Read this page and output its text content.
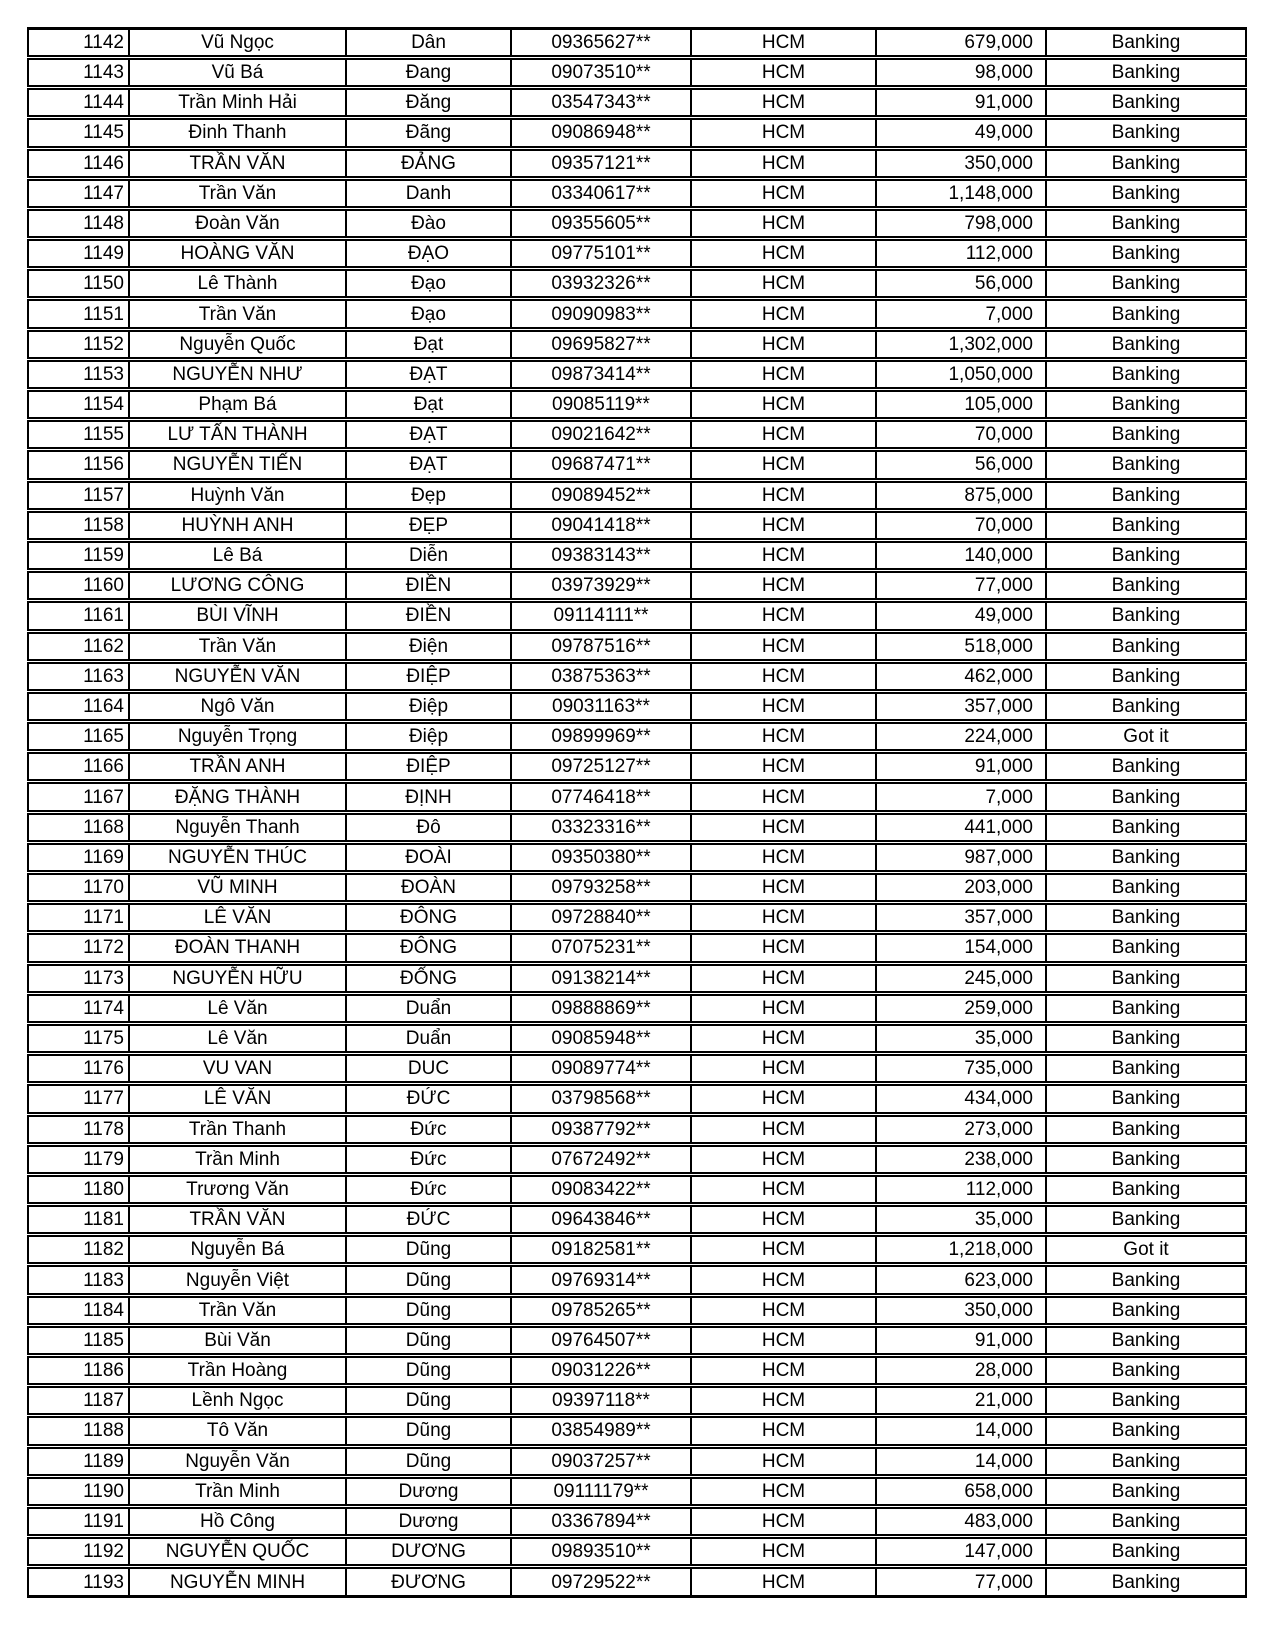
1142	Vũ Ngọc	Dân	09365627**	HCM	679,000	Banking
1143	Vũ Bá	Đang	09073510**	HCM	98,000	Banking
1144	Trần Minh Hải	Đăng	03547343**	HCM	91,000	Banking
1145	Đinh Thanh	Đãng	09086948**	HCM	49,000	Banking
1146	TRẦN VĂN	ĐẢNG	09357121**	HCM	350,000	Banking
1147	Trần Văn	Danh	03340617**	HCM	1,148,000	Banking
1148	Đoàn Văn	Đào	09355605**	HCM	798,000	Banking
1149	HOÀNG VĂN	ĐẠO	09775101**	HCM	112,000	Banking
1150	Lê Thành	Đạo	03932326**	HCM	56,000	Banking
1151	Trần Văn	Đạo	09090983**	HCM	7,000	Banking
1152	Nguyễn Quốc	Đạt	09695827**	HCM	1,302,000	Banking
1153	NGUYỄN NHƯ	ĐẠT	09873414**	HCM	1,050,000	Banking
1154	Phạm Bá	Đạt	09085119**	HCM	105,000	Banking
1155	LƯ TẤN THÀNH	ĐẠT	09021642**	HCM	70,000	Banking
1156	NGUYỄN TIẾN	ĐẠT	09687471**	HCM	56,000	Banking
1157	Huỳnh Văn	Đẹp	09089452**	HCM	875,000	Banking
1158	HUỲNH ANH	ĐẸP	09041418**	HCM	70,000	Banking
1159	Lê Bá	Diễn	09383143**	HCM	140,000	Banking
1160	LƯƠNG CÔNG	ĐIỀN	03973929**	HCM	77,000	Banking
1161	BÙI VĨNH	ĐIỀN	09114111**	HCM	49,000	Banking
1162	Trần Văn	Điện	09787516**	HCM	518,000	Banking
1163	NGUYỄN VĂN	ĐIỆP	03875363**	HCM	462,000	Banking
1164	Ngô Văn	Điệp	09031163**	HCM	357,000	Banking
1165	Nguyễn Trọng	Điệp	09899969**	HCM	224,000	Got it
1166	TRẦN ANH	ĐIỆP	09725127**	HCM	91,000	Banking
1167	ĐẶNG THÀNH	ĐỊNH	07746418**	HCM	7,000	Banking
1168	Nguyễn Thanh	Đô	03323316**	HCM	441,000	Banking
1169	NGUYỄN THÚC	ĐOÀI	09350380**	HCM	987,000	Banking
1170	VŨ MINH	ĐOÀN	09793258**	HCM	203,000	Banking
1171	LÊ VĂN	ĐÔNG	09728840**	HCM	357,000	Banking
1172	ĐOÀN THANH	ĐÔNG	07075231**	HCM	154,000	Banking
1173	NGUYỄN HỮU	ĐỐNG	09138214**	HCM	245,000	Banking
1174	Lê Văn	Duẩn	09888869**	HCM	259,000	Banking
1175	Lê Văn	Duẩn	09085948**	HCM	35,000	Banking
1176	VU VAN	DUC	09089774**	HCM	735,000	Banking
1177	LÊ VĂN	ĐỨC	03798568**	HCM	434,000	Banking
1178	Trần Thanh	Đức	09387792**	HCM	273,000	Banking
1179	Trần Minh	Đức	07672492**	HCM	238,000	Banking
1180	Trương Văn	Đức	09083422**	HCM	112,000	Banking
1181	TRẦN VĂN	ĐỨC	09643846**	HCM	35,000	Banking
1182	Nguyễn Bá	Dũng	09182581**	HCM	1,218,000	Got it
1183	Nguyễn Việt	Dũng	09769314**	HCM	623,000	Banking
1184	Trần Văn	Dũng	09785265**	HCM	350,000	Banking
1185	Bùi Văn	Dũng	09764507**	HCM	91,000	Banking
1186	Trần Hoàng	Dũng	09031226**	HCM	28,000	Banking
1187	Lềnh Ngọc	Dũng	09397118**	HCM	21,000	Banking
1188	Tô Văn	Dũng	03854989**	HCM	14,000	Banking
1189	Nguyễn Văn	Dũng	09037257**	HCM	14,000	Banking
1190	Trần Minh	Dương	09111179**	HCM	658,000	Banking
1191	Hồ Công	Dương	03367894**	HCM	483,000	Banking
1192	NGUYỄN QUỐC	DƯƠNG	09893510**	HCM	147,000	Banking
1193	NGUYỄN MINH	ĐƯƠNG	09729522**	HCM	77,000	Banking
